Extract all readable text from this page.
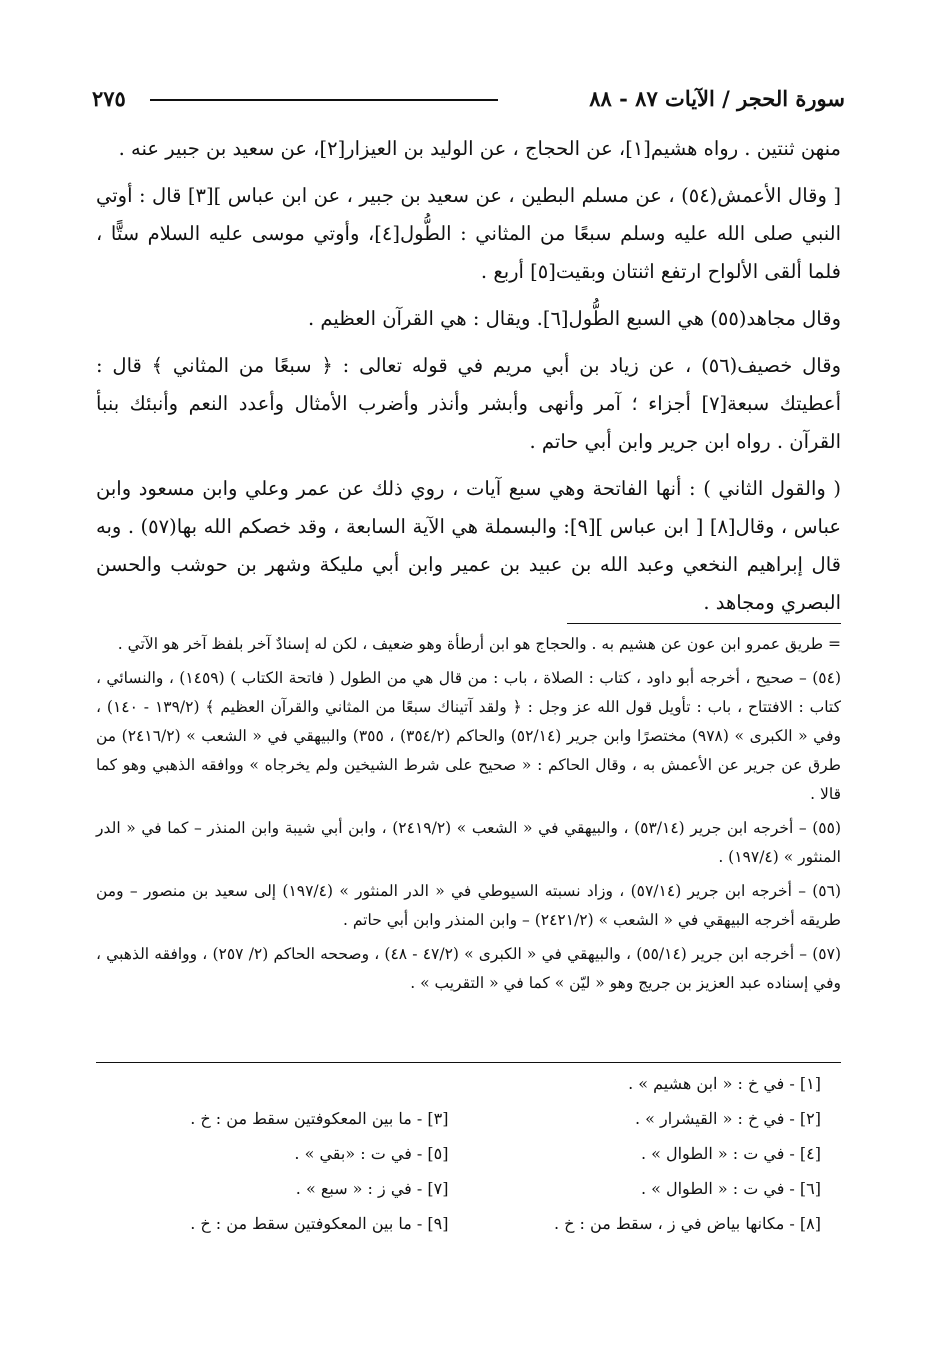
سورة الحجر / الآيات ٨٧ - ٨٨
٢٧٥

منهن ثنتين . رواه هشيم[١]، عن الحجاج ، عن الوليد بن العيزار[٢]، عن سعيد بن جبير عنه .

[ وقال الأعمش(٥٤) ، عن مسلم البطين ، عن سعيد بن جبير ، عن ابن عباس ][٣] قال : أوتي النبي صلى الله عليه وسلم سبعًا من المثاني : الطُّول[٤]، وأوتي موسى عليه السلام ستًّا ، فلما ألقى الألواح ارتفع اثنتان وبقيت[٥] أربع .

وقال مجاهد(٥٥) هي السبع الطُّول[٦]. ويقال : هي القرآن العظيم .

وقال خصيف(٥٦) ، عن زياد بن أبي مريم في قوله تعالى : ﴿ سبعًا من المثاني ﴾ قال : أعطيتك سبعة[٧] أجزاء ؛ آمر وأنهى وأبشر وأنذر وأضرب الأمثال وأعدد النعم وأنبئك بنبأ القرآن . رواه ابن جرير وابن أبي حاتم .

( والقول الثاني ) : أنها الفاتحة وهي سبع آيات ، روي ذلك عن عمر وعلي وابن مسعود وابن عباس ، وقال[٨] [ ابن عباس ][٩]: والبسملة هي الآية السابعة ، وقد خصكم الله بها(٥٧) . وبه قال إبراهيم النخعي وعبد الله بن عبيد بن عمير وابن أبي مليكة وشهر بن حوشب والحسن البصري ومجاهد .

= طريق عمرو ابن عون عن هشيم به . والحجاج هو ابن أرطأة وهو ضعيف ، لكن له إسنادٌ آخر بلفظ آخر هو الآتي .
(٥٤) – صحيح ، أخرجه أبو داود ، كتاب : الصلاة ، باب : من قال هي من الطول ( فاتحة الكتاب ) (١٤٥٩) ، والنسائي ، كتاب : الافتتاح ، باب : تأويل قول الله عز وجل : ﴿ ولقد آتيناك سبعًا من المثاني والقرآن العظيم ﴾ (١٣٩/٢ - ١٤٠) ، وفي « الكبرى » (٩٧٨) مختصرًا وابن جرير (٥٢/١٤) والحاكم (٣٥٤/٢) ، ٣٥٥) والبيهقي في « الشعب » (٢٤١٦/٢) من طرق عن جرير عن الأعمش به ، وقال الحاكم : « صحيح على شرط الشيخين ولم يخرجاه » ووافقه الذهبي وهو كما قالا .
(٥٥) – أخرجه ابن جرير (٥٣/١٤) ، والبيهقي في « الشعب » (٢٤١٩/٢) ، وابن أبي شيبة وابن المنذر – كما في « الدر المنثور » (١٩٧/٤) .
(٥٦) – أخرجه ابن جرير (٥٧/١٤) ، وزاد نسبته السيوطي في « الدر المنثور » (١٩٧/٤) إلى سعيد بن منصور – ومن طريقه أخرجه البيهقي في « الشعب » (٢٤٢١/٢) – وابن المنذر وابن أبي حاتم .
(٥٧) – أخرجه ابن جرير (٥٥/١٤) ، والبيهقي في « الكبرى » (٤٧/٢ - ٤٨) ، وصححه الحاكم (٢/ ٢٥٧) ، ووافقه الذهبي ، وفي إسناده عبد العزيز بن جريج وهو « ليّن » كما في « التقريب » .
[١] - في خ : « ابن هشيم » .
[٢] - في خ : « القيشرار » .
[٣] - ما بين المعكوفتين سقط من : خ .
[٤] - في ت : « الطوال » .
[٥] - في ت : «بقي » .
[٦] - في ت : « الطوال » .
[٧] - في ز : « سبع » .
[٨] - مكانها بياض في ز ، سقط من : خ .
[٩] - ما بين المعكوفتين سقط من : خ .
